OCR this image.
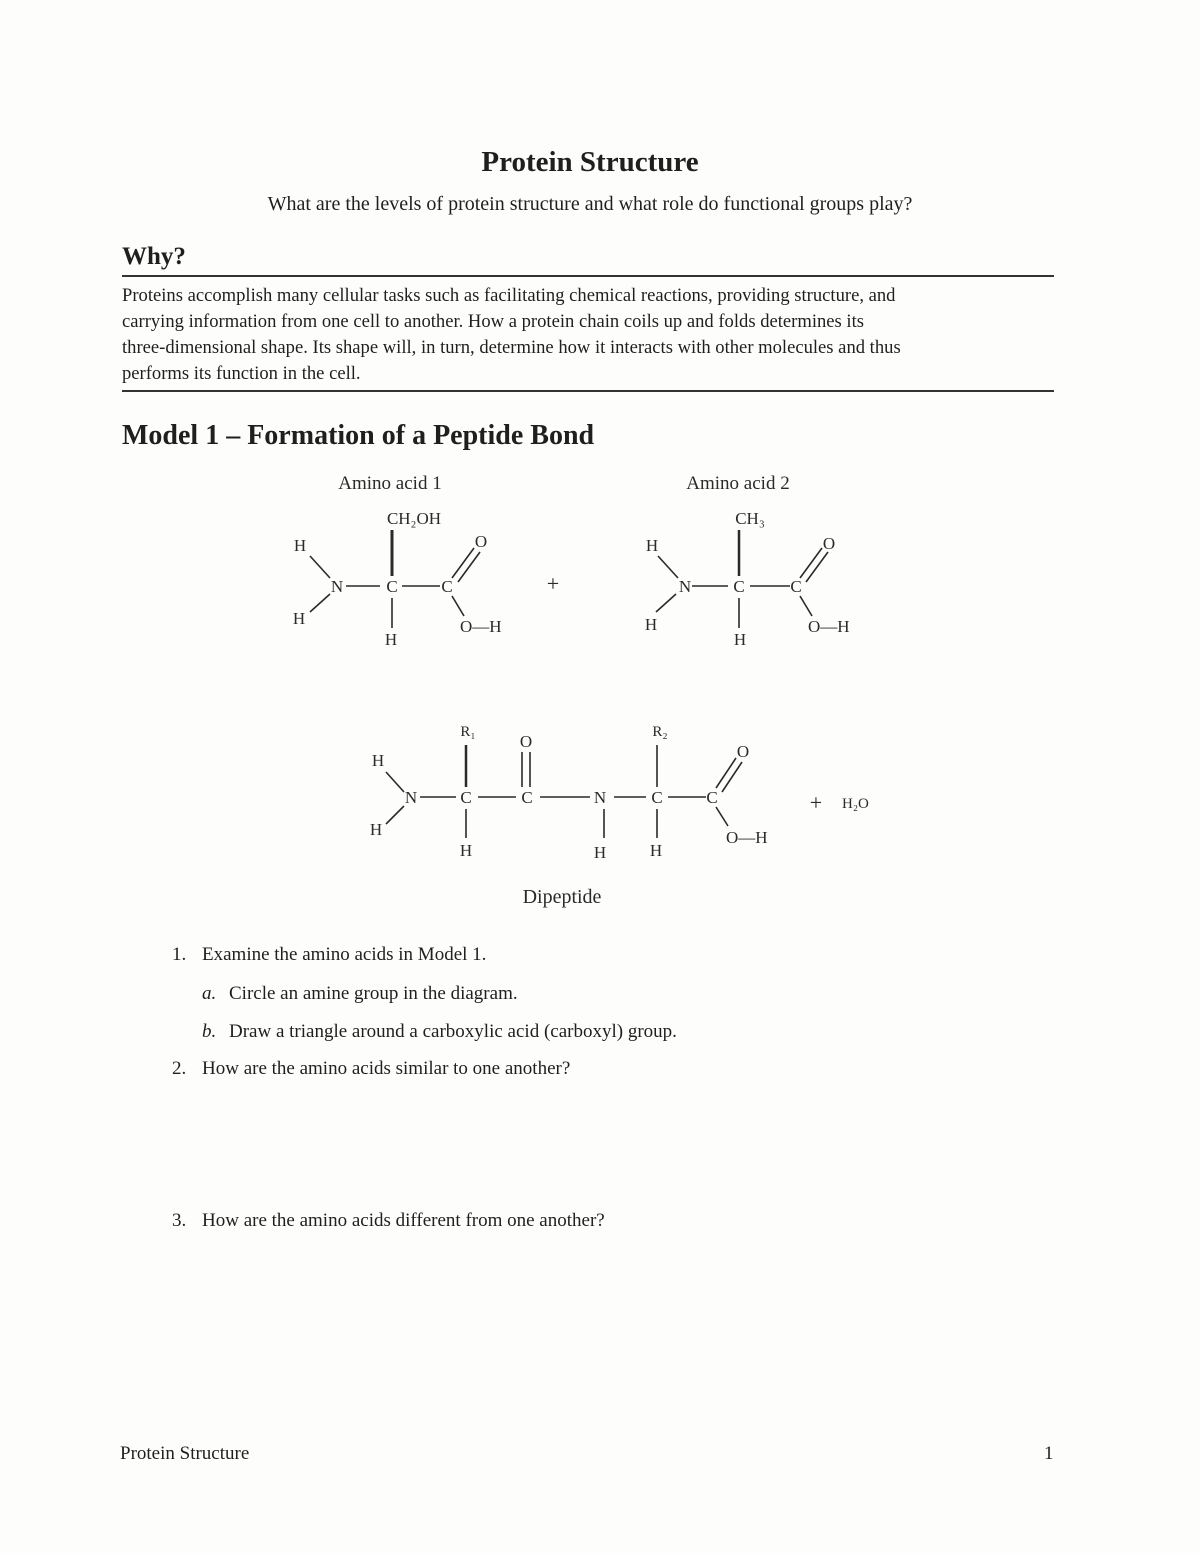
Protein Structure
What are the levels of protein structure and what role do functional groups play?
Why?
Proteins accomplish many cellular tasks such as facilitating chemical reactions, providing structure, and
carrying information from one cell to another. How a protein chain coils up and folds determines its
three-dimensional shape. Its shape will, in turn, determine how it interacts with other molecules and thus
performs its function in the cell.
Model 1 – Formation of a Peptide Bond
Amino acid 1
CH₂OH
H
H
N	C
H
C
O
O—H
+
Amino acid 2
CH₃
H
H
N C
H
C
O
O—H
R₁	R₂
H
H
N	C
H
O
C	N
H
C
H
C
O
O—H
+ H₂O
Dipeptide
1. Examine the amino acids in Model 1.
a. Circle an amine group in the diagram.
b. Draw a triangle around a carboxylic acid (carboxyl) group.
2. How are the amino acids similar to one another?
3. How are the amino acids different from one another?
Protein Structure	1
